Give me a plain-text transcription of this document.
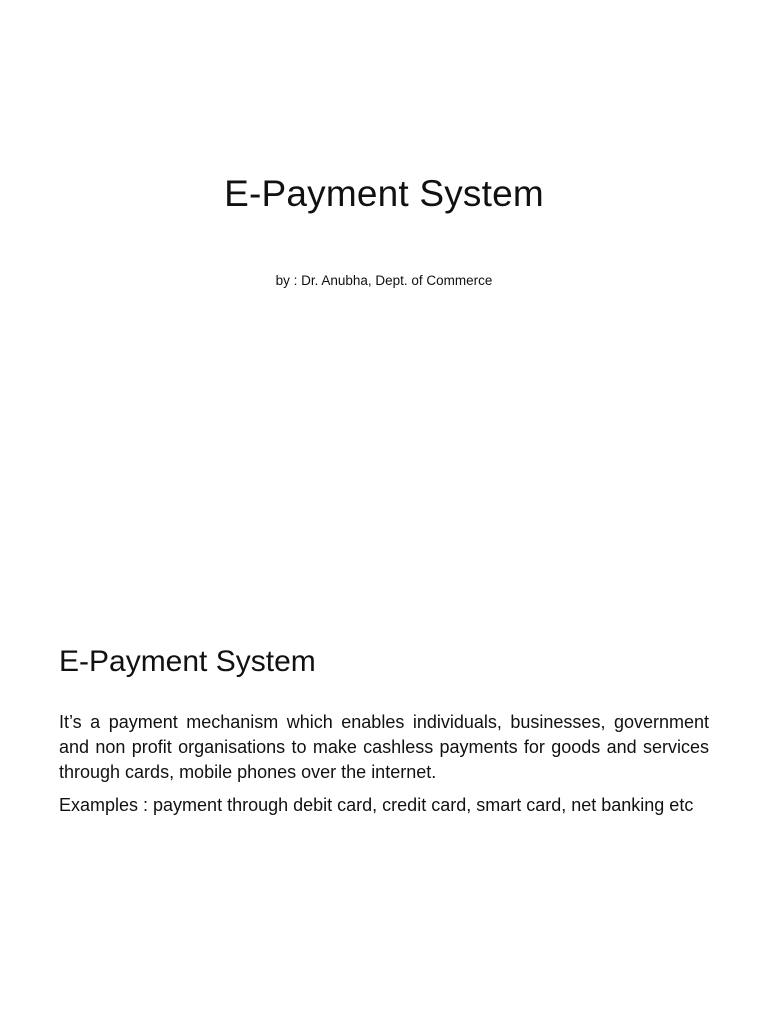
E-Payment System
by : Dr. Anubha, Dept. of Commerce
E-Payment System

It’s a payment mechanism which enables individuals, businesses, government and non profit organisations to make cashless payments for goods and services through cards, mobile phones over the internet.

Examples : payment through debit card, credit card, smart card, net banking etc
